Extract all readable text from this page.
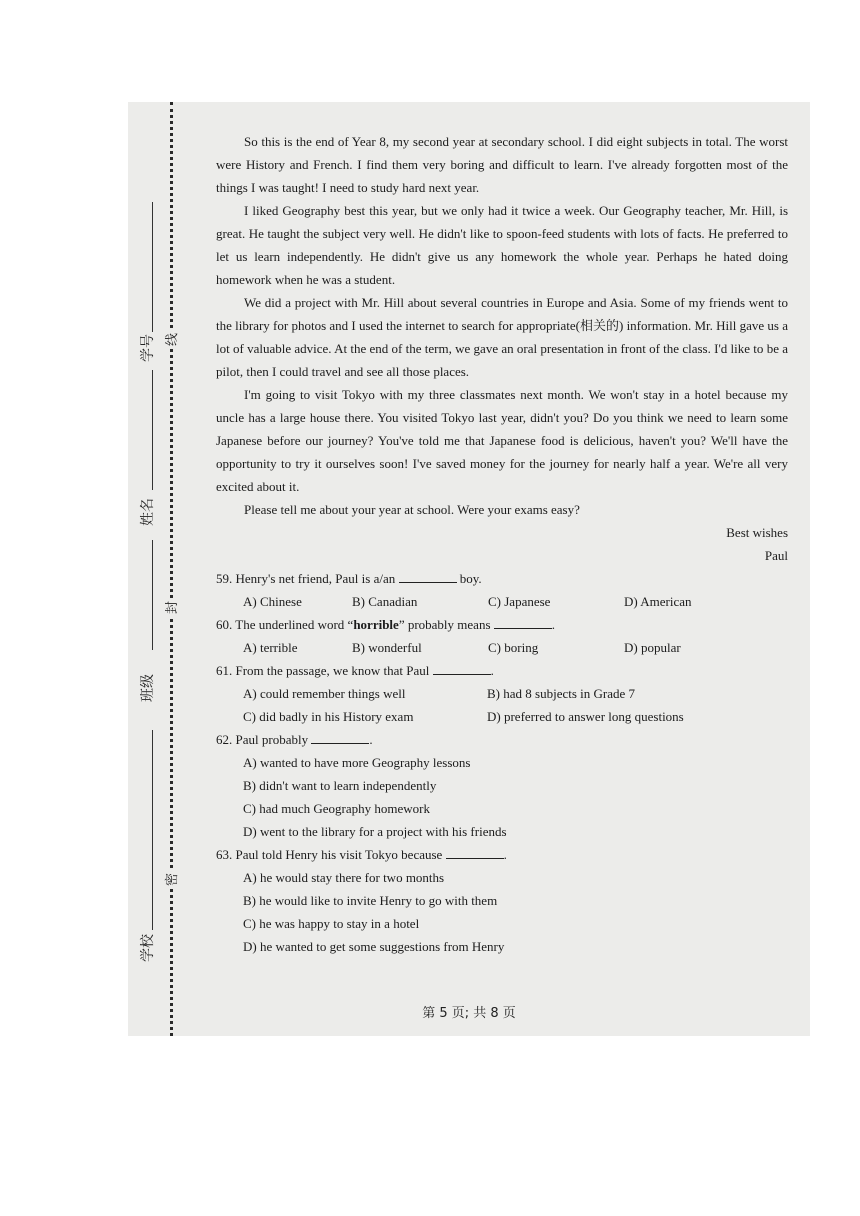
学号 线
姓名
班级
封
学校
密

So this is the end of Year 8, my second year at secondary school. I did eight subjects in total. The worst were History and French. I find them very boring and difficult to learn. I've already forgotten most of the things I was taught! I need to study hard next year.

I liked Geography best this year, but we only had it twice a week. Our Geography teacher, Mr. Hill, is great. He taught the subject very well. He didn't like to spoon-feed students with lots of facts. He preferred to let us learn independently. He didn't give us any homework the whole year. Perhaps he hated doing homework when he was a student.

We did a project with Mr. Hill about several countries in Europe and Asia. Some of my friends went to the library for photos and I used the internet to search for appropriate(相关的) information. Mr. Hill gave us a lot of valuable advice. At the end of the term, we gave an oral presentation in front of the class. I'd like to be a pilot, then I could travel and see all those places.

I'm going to visit Tokyo with my three classmates next month. We won't stay in a hotel because my uncle has a large house there. You visited Tokyo last year, didn't you? Do you think we need to learn some Japanese before our journey? You've told me that Japanese food is delicious, haven't you? We'll have the opportunity to try it ourselves soon! I've saved money for the journey for nearly half a year. We're all very excited about it.

Please tell me about your year at school. Were your exams easy?

Best wishes

Paul

59. Henry's net friend, Paul is a/an	boy.

A) Chinese	B) Canadian	C) Japanese	D) American

60. The underlined word “horrible” probably means	.

A) terrible	B) wonderful	C) boring	D) popular

61. From the passage, we know that Paul	.

A) could remember things well	B) had 8 subjects in Grade 7

C) did badly in his History exam	D) preferred to answer long questions

62. Paul probably	.

A) wanted to have more Geography lessons

B) didn't want to learn independently

C) had much Geography homework

D) went to the library for a project with his friends

63. Paul told Henry his visit Tokyo because	.

A) he would stay there for two months

B) he would like to invite Henry to go with them

C) he was happy to stay in a hotel

D) he wanted to get some suggestions from Henry

第 5 页; 共 8 页
